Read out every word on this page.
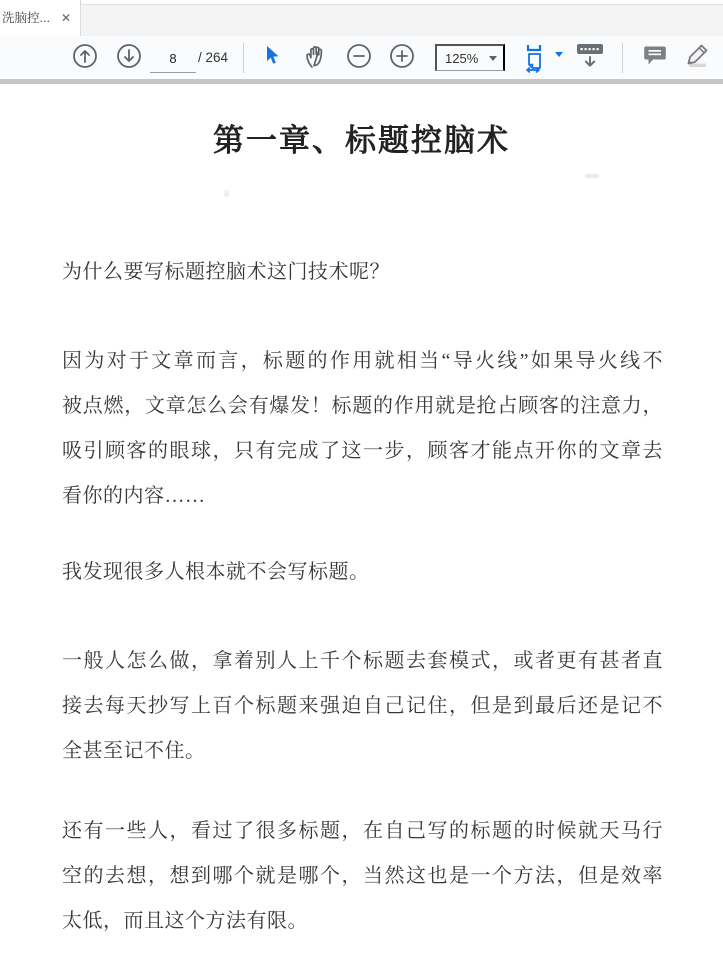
洗脑控... ✕
8
/ 264	125%
第一章、标题控脑术
为什么要写标题控脑术这门技术呢？
因为对于文章而言，标题的作用就相当“导火线”如果导火线不
被点燃，文章怎么会有爆发！标题的作用就是抢占顾客的注意力，
吸引顾客的眼球，只有完成了这一步，顾客才能点开你的文章去
看你的内容……
我发现很多人根本就不会写标题。
一般人怎么做，拿着别人上千个标题去套模式，或者更有甚者直
接去每天抄写上百个标题来强迫自己记住，但是到最后还是记不
全甚至记不住。
还有一些人，看过了很多标题，在自己写的标题的时候就天马行
空的去想，想到哪个就是哪个，当然这也是一个方法，但是效率
太低，而且这个方法有限。
